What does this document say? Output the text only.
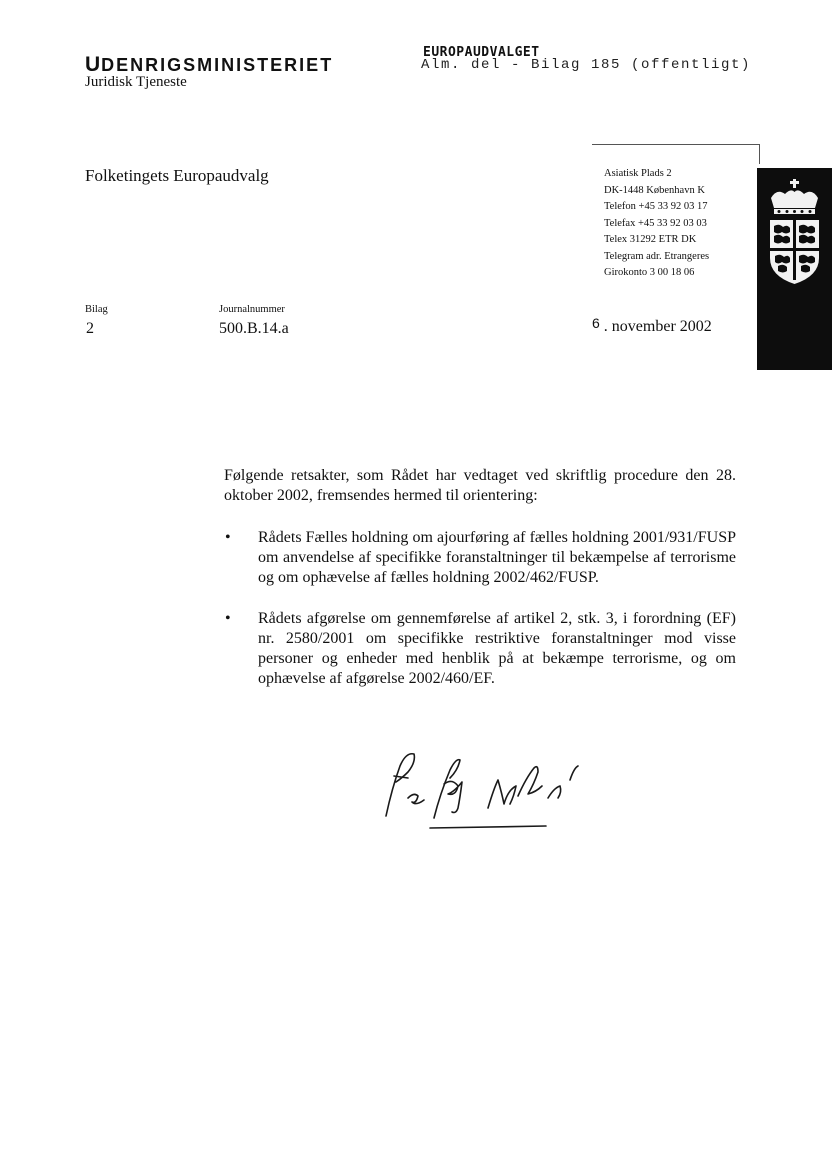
UDENRIGSMINISTERIET
Juridisk Tjeneste
EUROPAUDVALGET
Alm. del - Bilag 185 (offentligt)
Folketingets Europaudvalg	Asiatisk Plads 2
DK-1448 København K
Telefon +45 33 92 03 17
Telefax +45 33 92 03 03
Telex 31292 ETR DK
Telegram adr. Etrangeres
Girokonto 3 00 18 06
Bilag
2
Journalnummer
500.B.14.a	6 . november 2002

Følgende retsakter, som Rådet har vedtaget ved skriftlig procedure den 28. oktober 2002, fremsendes hermed til orientering:

• Rådets Fælles holdning om ajourføring af fælles holdning 2001/931/FUSP om anvendelse af specifikke foranstaltninger til bekæmpelse af terrorisme og om ophævelse af fælles holdning 2002/462/FUSP.
• Rådets afgørelse om gennemførelse af artikel 2, stk. 3, i forordning (EF) nr. 2580/2001 om specifikke restriktive foranstaltninger mod visse personer og enheder med henblik på at bekæmpe terrorisme, og om ophævelse af afgørelse 2002/460/EF.
